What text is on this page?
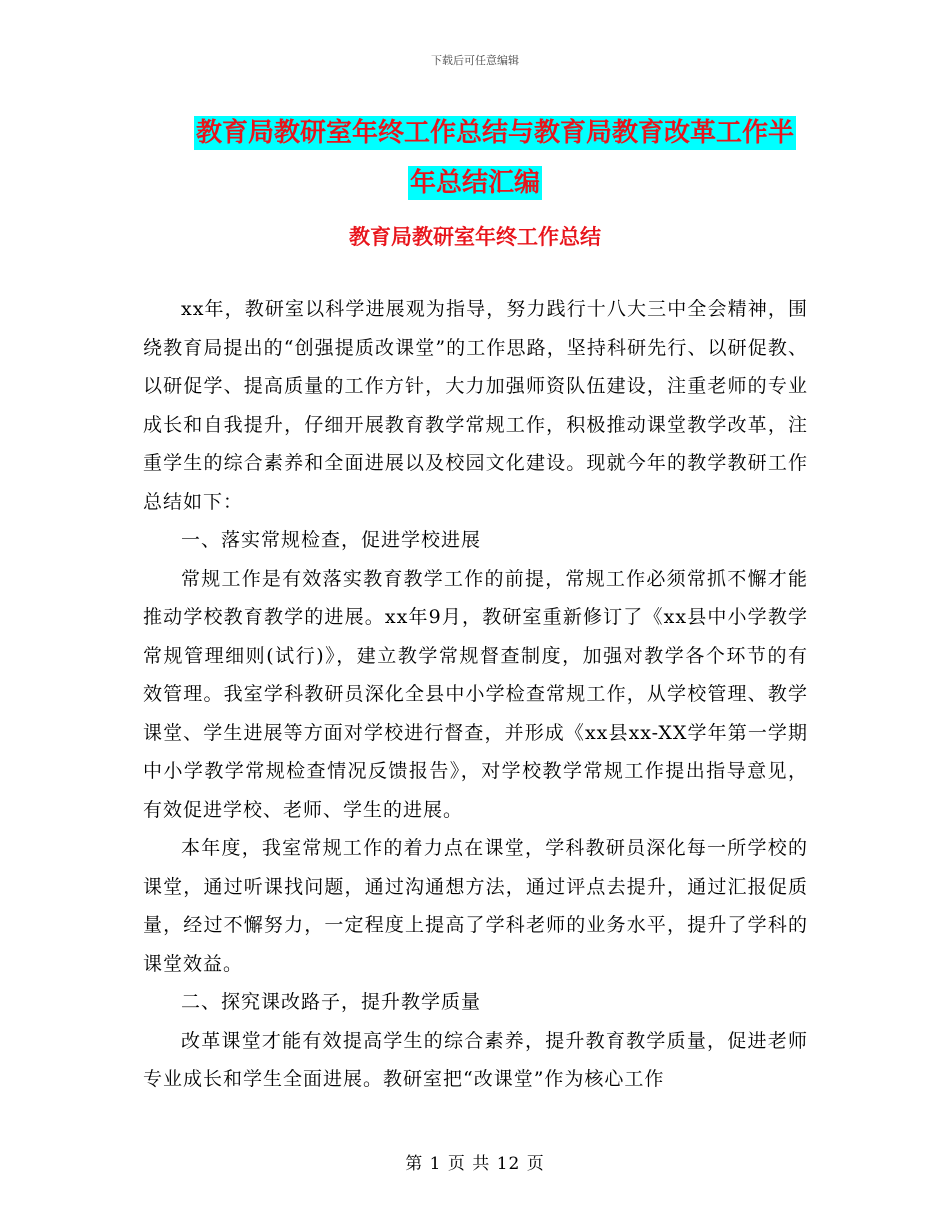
下载后可任意编辑
教育局教研室年终工作总结与教育局教育改革工作半
年总结汇编
教育局教研室年终工作总结

xx年，教研室以科学进展观为指导，努力践行十八大三中全会精神，围绕教育局提出的“创强提质改课堂”的工作思路，坚持科研先行、以研促教、以研促学、提高质量的工作方针，大力加强师资队伍建设，注重老师的专业成长和自我提升，仔细开展教育教学常规工作，积极推动课堂教学改革，注重学生的综合素养和全面进展以及校园文化建设。现就今年的教学教研工作总结如下：

一、落实常规检查，促进学校进展

常规工作是有效落实教育教学工作的前提，常规工作必须常抓不懈才能推动学校教育教学的进展。xx年9月，教研室重新修订了《xx县中小学教学常规管理细则(试行)》，建立教学常规督查制度，加强对教学各个环节的有效管理。我室学科教研员深化全县中小学检查常规工作，从学校管理、教学课堂、学生进展等方面对学校进行督查，并形成《xx县xx-XX学年第一学期中小学教学常规检查情况反馈报告》，对学校教学常规工作提出指导意见，有效促进学校、老师、学生的进展。

本年度，我室常规工作的着力点在课堂，学科教研员深化每一所学校的课堂，通过听课找问题，通过沟通想方法，通过评点去提升，通过汇报促质量，经过不懈努力，一定程度上提高了学科老师的业务水平，提升了学科的课堂效益。

二、探究课改路子，提升教学质量

改革课堂才能有效提高学生的综合素养，提升教育教学质量，促进老师专业成长和学生全面进展。教研室把“改课堂”作为核心工作

第 1 页 共 12 页
